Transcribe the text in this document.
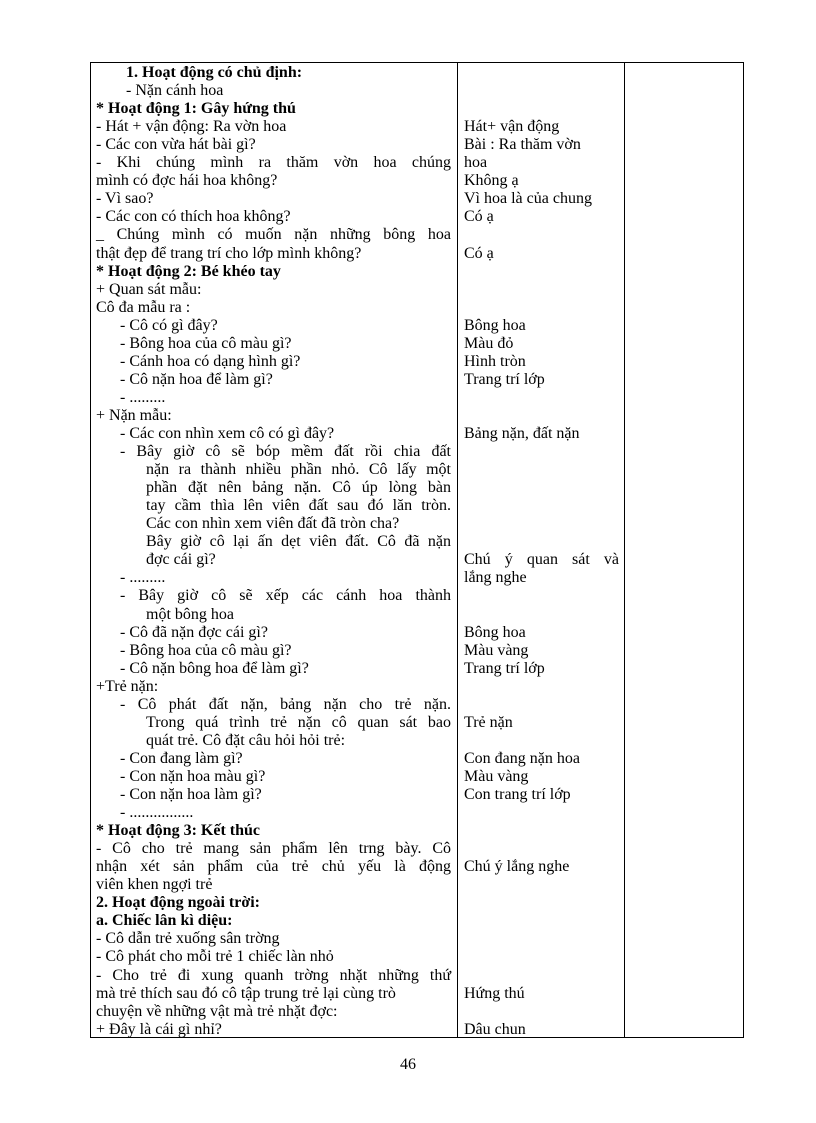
1. Hoạt động có chủ định:
- Nặn cánh hoa
* Hoạt động 1: Gây hứng thú
- Hát + vận động: Ra vờn hoa
- Các con vừa hát bài gì?
- Khi chúng mình ra thăm vờn hoa chúng
mình có đợc hái hoa không?
- Vì sao?
- Các con có thích hoa không?
_ Chúng mình có muốn nặn những bông hoa
thật đẹp để trang trí cho lớp mình không?
* Hoạt động 2: Bé khéo tay
+ Quan sát mẫu:
Cô đa mẫu ra :
- Cô có gì đây?
- Bông hoa của cô màu gì?
- Cánh hoa có dạng hình gì?
- Cô nặn hoa để làm gì?
- .........
+ Nặn mẫu:
- Các con nhìn xem cô có gì đây?
- Bây giờ cô sẽ bóp mềm đất rồi chia đất
nặn ra thành nhiều phần nhỏ. Cô lấy một
phần đặt nên bảng nặn. Cô úp lòng bàn
tay cầm thìa lên viên đất sau đó lăn tròn.
Các con nhìn xem viên đất đã tròn cha?
Bây giờ cô lại ấn dẹt viên đất. Cô đã nặn
đợc cái gì?
- .........
- Bây giờ cô sẽ xếp các cánh hoa thành
một bông hoa
- Cô đã nặn đợc cái gì?
- Bông hoa của cô màu gì?
- Cô nặn bông hoa để làm gì?
+Trẻ nặn:
- Cô phát đất nặn, bảng nặn cho trẻ nặn.
Trong quá trình trẻ nặn cô quan sát bao
quát trẻ. Cô đặt câu hỏi hỏi trẻ:
- Con đang làm gì?
- Con nặn hoa màu gì?
- Con nặn hoa làm gì?
- ................
* Hoạt động 3: Kết thúc
- Cô cho trẻ mang sản phẩm lên trng bày. Cô
nhận xét sản phẩm của trẻ chủ yếu là động
viên khen ngợi trẻ
2. Hoạt động ngoài trời:
a. Chiếc lân kì diệu:
- Cô dẫn trẻ xuống sân trờng
- Cô phát cho mỗi trẻ 1 chiếc làn nhỏ
- Cho trẻ đi xung quanh trờng nhặt những thứ
mà trẻ thích sau đó cô tập trung trẻ lại cùng trò
chuyện về những vật mà trẻ nhặt đợc:
+ Đây là cái gì nhỉ?
Hát+ vận động
Bài : Ra thăm vờn
hoa
Không ạ
Vì hoa là của chung
Có ạ
Có ạ
Bông hoa
Màu đỏ
Hình tròn
Trang trí lớp
Bảng nặn, đất nặn
Chú ý quan sát và
lắng nghe
Bông hoa
Màu vàng
Trang trí lớp
Trẻ nặn
Con đang nặn hoa
Màu vàng
Con trang trí lớp
Chú ý lắng nghe
Hứng thú
Dâu chun
46
